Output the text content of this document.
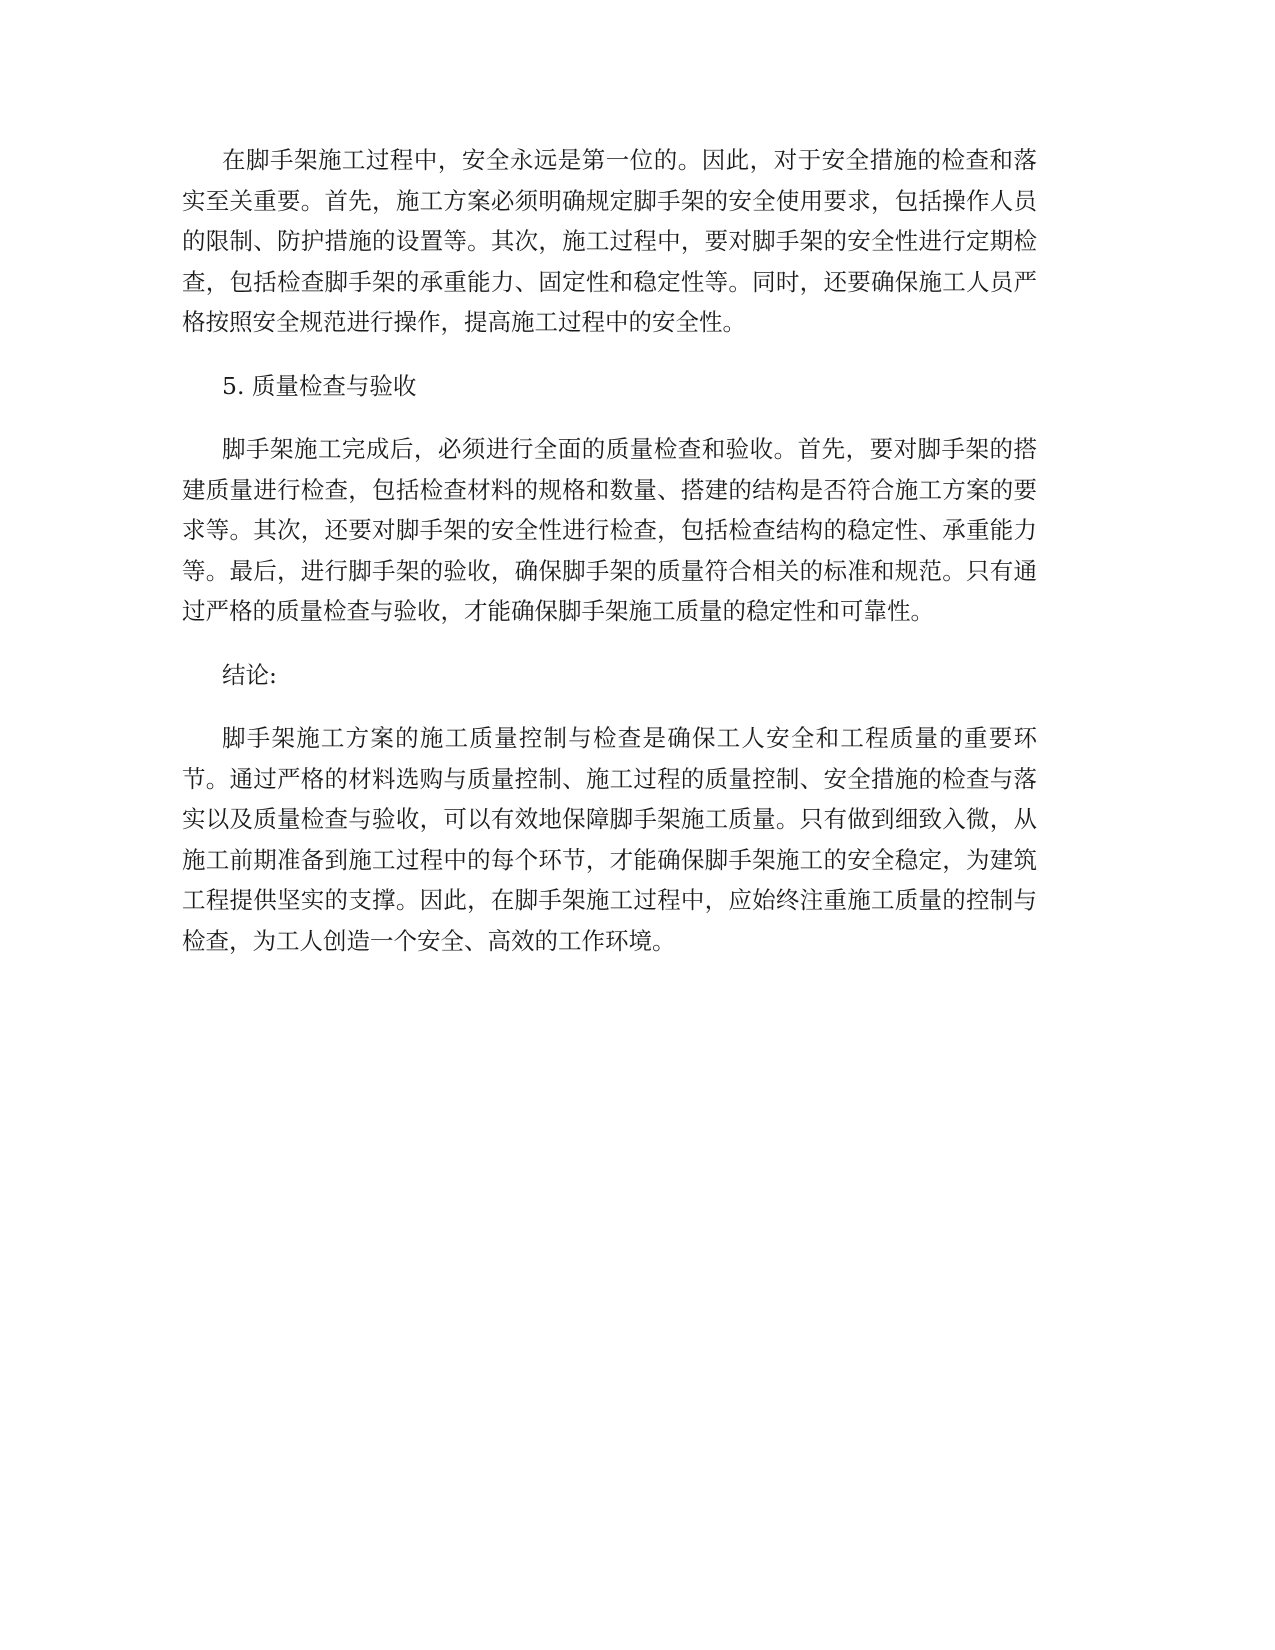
在脚手架施工过程中，安全永远是第一位的。因此，对于安全措施的检查和落实至关重要。首先，施工方案必须明确规定脚手架的安全使用要求，包括操作人员的限制、防护措施的设置等。其次，施工过程中，要对脚手架的安全性进行定期检查，包括检查脚手架的承重能力、固定性和稳定性等。同时，还要确保施工人员严格按照安全规范进行操作，提高施工过程中的安全性。

5. 质量检查与验收

脚手架施工完成后，必须进行全面的质量检查和验收。首先，要对脚手架的搭建质量进行检查，包括检查材料的规格和数量、搭建的结构是否符合施工方案的要求等。其次，还要对脚手架的安全性进行检查，包括检查结构的稳定性、承重能力等。最后，进行脚手架的验收，确保脚手架的质量符合相关的标准和规范。只有通过严格的质量检查与验收，才能确保脚手架施工质量的稳定性和可靠性。

结论:

脚手架施工方案的施工质量控制与检查是确保工人安全和工程质量的重要环节。通过严格的材料选购与质量控制、施工过程的质量控制、安全措施的检查与落实以及质量检查与验收，可以有效地保障脚手架施工质量。只有做到细致入微，从施工前期准备到施工过程中的每个环节，才能确保脚手架施工的安全稳定，为建筑工程提供坚实的支撑。因此，在脚手架施工过程中，应始终注重施工质量的控制与检查，为工人创造一个安全、高效的工作环境。
